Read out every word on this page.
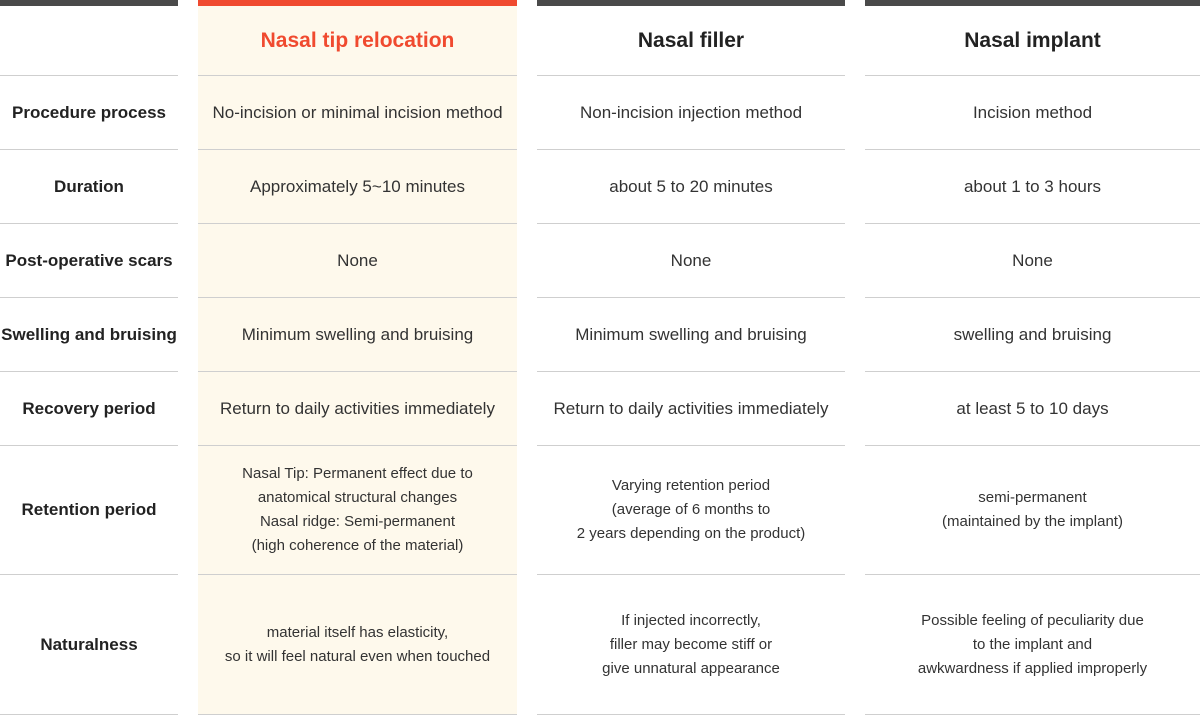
Procedure process
Duration
Post-operative scars
Swelling and bruising
Recovery period
Retention period
Naturalness
Nasal tip relocation
No-incision or minimal incision method
Approximately 5~10 minutes
None
Minimum swelling and bruising
Return to daily activities immediately
Nasal Tip: Permanent effect due to
anatomical structural changes
Nasal ridge: Semi-permanent
(high coherence of the material)
material itself has elasticity,
so it will feel natural even when touched
Nasal filler
Non-incision injection method
about 5 to 20 minutes
None
Minimum swelling and bruising
Return to daily activities immediately
Varying retention period
(average of 6 months to
2 years depending on the product)
If injected incorrectly,
filler may become stiff or
give unnatural appearance
Nasal implant
Incision method
about 1 to 3 hours
None
swelling and bruising
at least 5 to 10 days
semi-permanent
(maintained by the implant)
Possible feeling of peculiarity due
to the implant and
awkwardness if applied improperly
